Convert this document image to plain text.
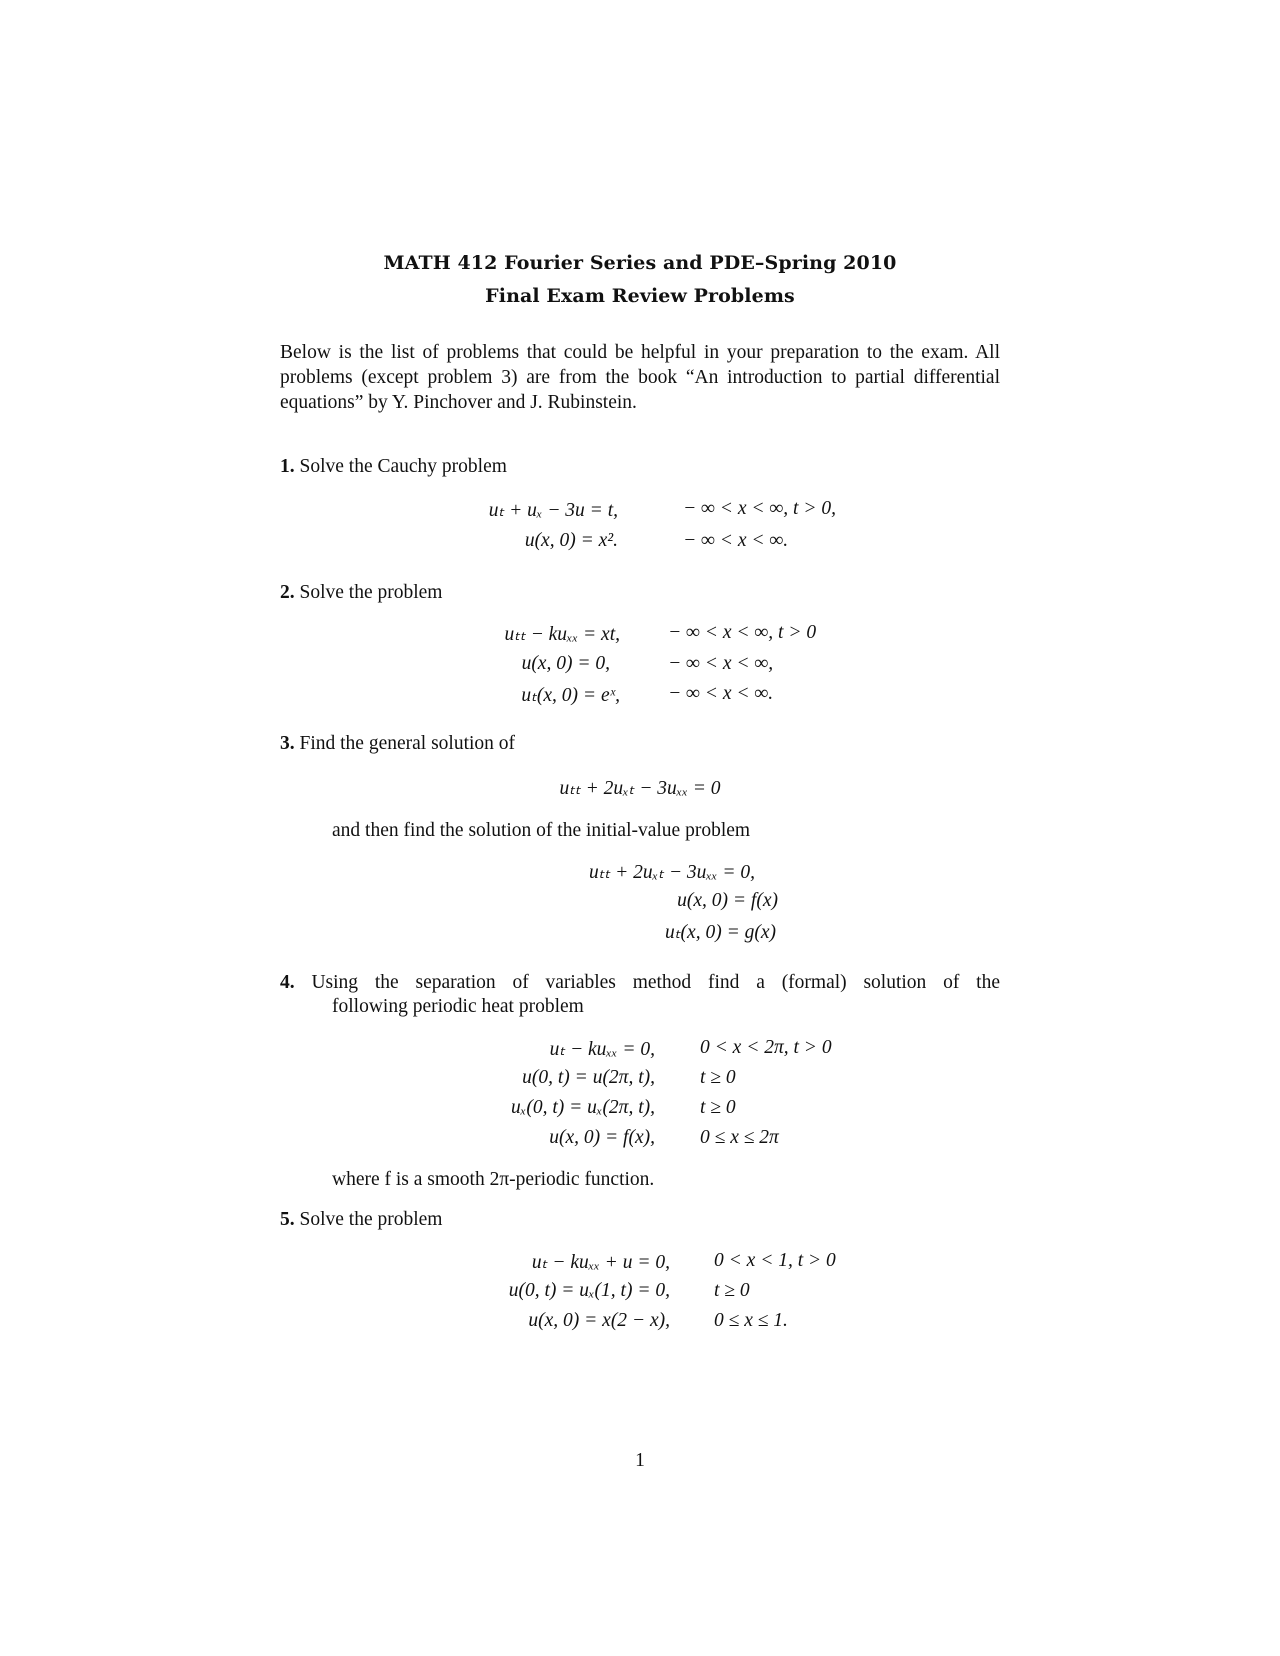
MATH 412 Fourier Series and PDE–Spring 2010
Final Exam Review Problems
Below is the list of problems that could be helpful in your preparation to the exam. All problems (except problem 3) are from the book “An introduction to partial differential equations” by Y. Pinchover and J. Rubinstein.
1. Solve the Cauchy problem
uₜ + uₓ − 3u = t,	− ∞ < x < ∞, t > 0,
u(x, 0) = x².	− ∞ < x < ∞.
2. Solve the problem
uₜₜ − kuₓₓ = xt, − ∞ < x < ∞, t > 0
u(x, 0) = 0,	− ∞ < x < ∞,
uₜ(x, 0) = eˣ, − ∞ < x < ∞.
3. Find the general solution of
uₜₜ + 2uₓₜ − 3uₓₓ = 0
and then find the solution of the initial-value problem
uₜₜ + 2uₓₜ − 3uₓₓ = 0,
u(x, 0) = f(x)
uₜ(x, 0) = g(x)
4. Using the separation of variables method find a (formal) solution of the
following periodic heat problem
uₜ − kuₓₓ = 0, 0 < x < 2π, t > 0
u(0, t) = u(2π, t), t ≥ 0
uₓ(0, t) = uₓ(2π, t), t ≥ 0
u(x, 0) = f(x), 0 ≤ x ≤ 2π
where f is a smooth 2π-periodic function.
5. Solve the problem
uₜ − kuₓₓ + u = 0, 0 < x < 1, t > 0
u(0, t) = uₓ(1, t) = 0, t ≥ 0
u(x, 0) = x(2 − x), 0 ≤ x ≤ 1.
1
